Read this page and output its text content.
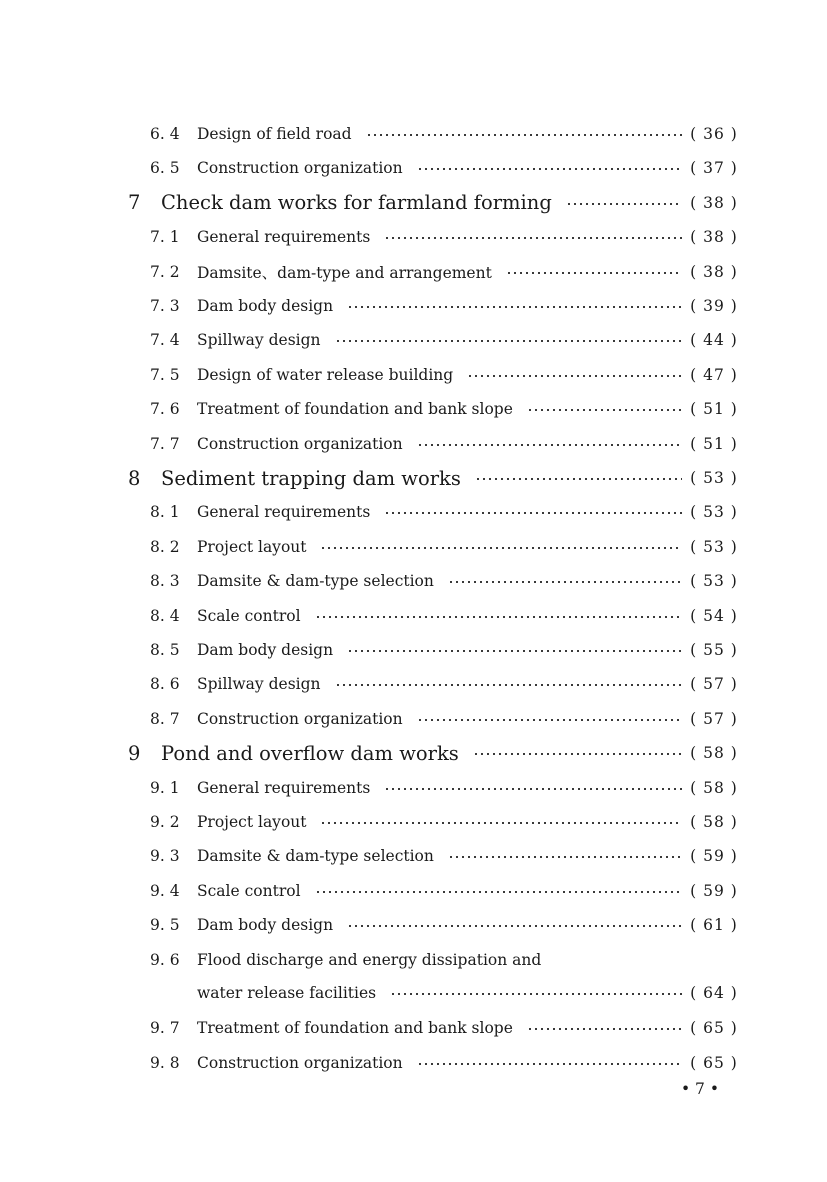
6. 4	Design of field road	( 36 )
6. 5	Construction organization	( 37 )
7	Check dam works for farmland forming	( 38 )
7. 1	General requirements	( 38 )
7. 2	Damsite、dam-type and arrangement	( 38 )
7. 3	Dam body design	( 39 )
7. 4	Spillway design	( 44 )
7. 5	Design of water release building	( 47 )
7. 6	Treatment of foundation and bank slope	( 51 )
7. 7	Construction organization	( 51 )
8	Sediment trapping dam works	( 53 )
8. 1	General requirements	( 53 )
8. 2	Project layout	( 53 )
8. 3	Damsite & dam-type selection	( 53 )
8. 4	Scale control	( 54 )
8. 5	Dam body design	( 55 )
8. 6	Spillway design	( 57 )
8. 7	Construction organization	( 57 )
9	Pond and overflow dam works	( 58 )
9. 1	General requirements	( 58 )
9. 2	Project layout	( 58 )
9. 3	Damsite & dam-type selection	( 59 )
9. 4	Scale control	( 59 )
9. 5	Dam body design	( 61 )
9. 6	Flood discharge and energy dissipation and
water release facilities	( 64 )
9. 7	Treatment of foundation and bank slope	( 65 )
9. 8	Construction organization	( 65 )
• 7 •
